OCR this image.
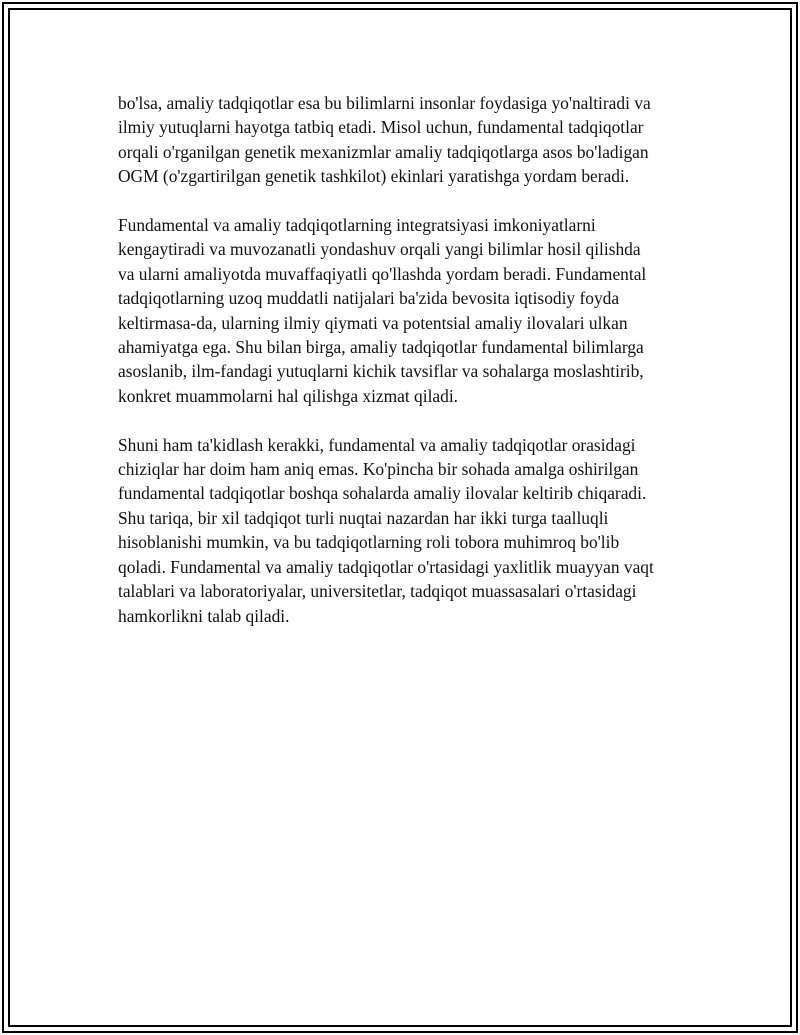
bo'lsa, amaliy tadqiqotlar esa bu bilimlarni insonlar foydasiga yo'naltiradi va
ilmiy yutuqlarni hayotga tatbiq etadi. Misol uchun, fundamental tadqiqotlar
orqali o'rganilgan genetik mexanizmlar amaliy tadqiqotlarga asos bo'ladigan
OGM (o'zgartirilgan genetik tashkilot) ekinlari yaratishga yordam beradi.

Fundamental va amaliy tadqiqotlarning integratsiyasi imkoniyatlarni
kengaytiradi va muvozanatli yondashuv orqali yangi bilimlar hosil qilishda
va ularni amaliyotda muvaffaqiyatli qo'llashda yordam beradi. Fundamental
tadqiqotlarning uzoq muddatli natijalari ba'zida bevosita iqtisodiy foyda
keltirmasa-da, ularning ilmiy qiymati va potentsial amaliy ilovalari ulkan
ahamiyatga ega. Shu bilan birga, amaliy tadqiqotlar fundamental bilimlarga
asoslanib, ilm-fandagi yutuqlarni kichik tavsiflar va sohalarga moslashtirib,
konkret muammolarni hal qilishga xizmat qiladi.

Shuni ham ta'kidlash kerakki, fundamental va amaliy tadqiqotlar orasidagi
chiziqlar har doim ham aniq emas. Ko'pincha bir sohada amalga oshirilgan
fundamental tadqiqotlar boshqa sohalarda amaliy ilovalar keltirib chiqaradi.
Shu tariqa, bir xil tadqiqot turli nuqtai nazardan har ikki turga taalluqli
hisoblanishi mumkin, va bu tadqiqotlarning roli tobora muhimroq bo'lib
qoladi. Fundamental va amaliy tadqiqotlar o'rtasidagi yaxlitlik muayyan vaqt
talablari va laboratoriyalar, universitetlar, tadqiqot muassasalari o'rtasidagi
hamkorlikni talab qiladi.
